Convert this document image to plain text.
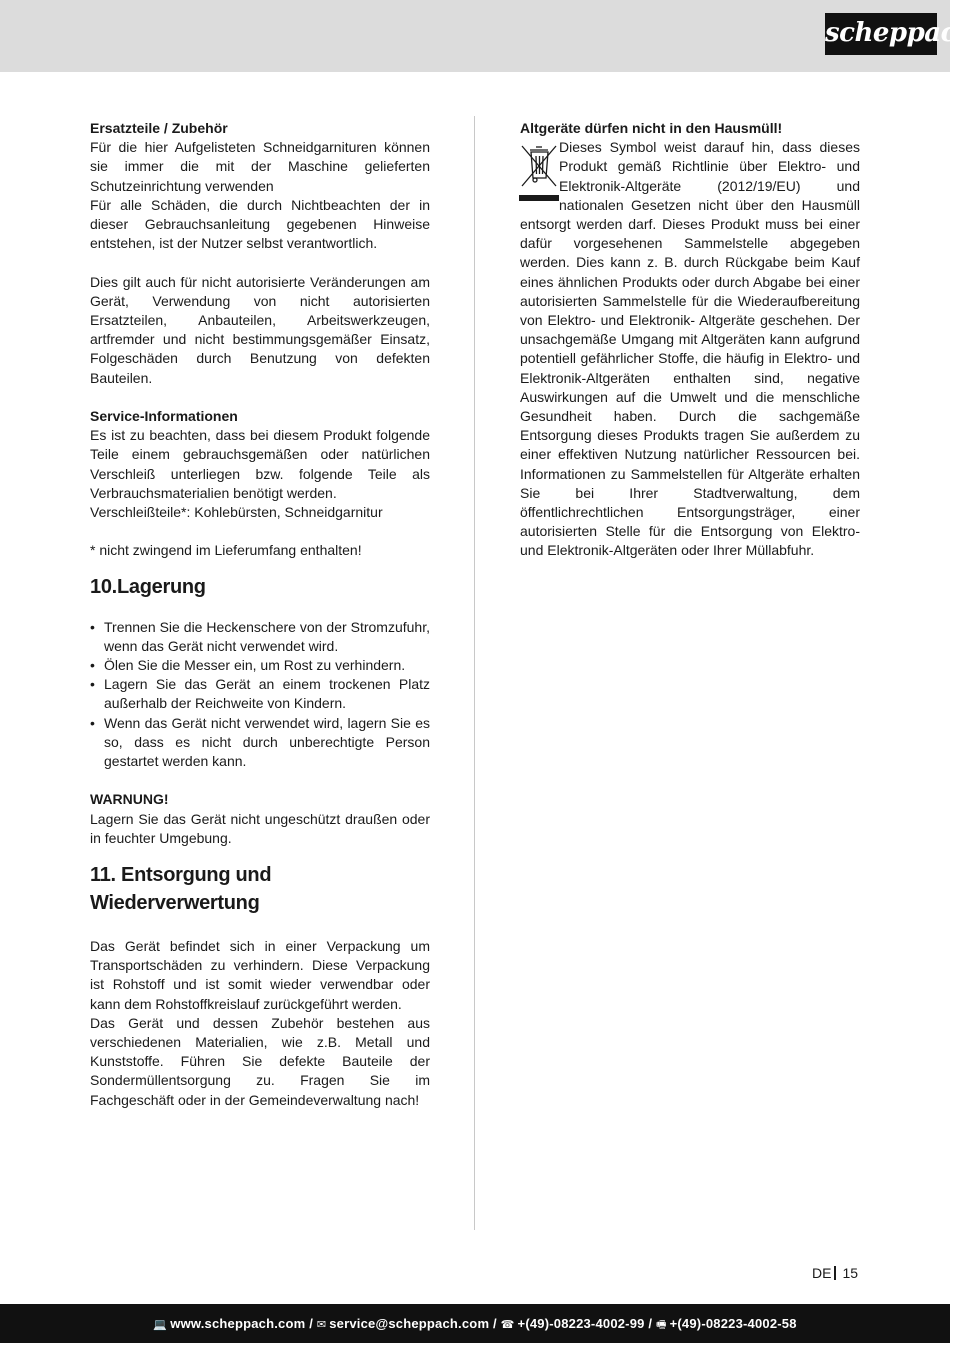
scheppach

Ersatzteile / Zubehör

Für die hier Aufgelisteten Schneidgarnituren können sie immer die mit der Maschine gelieferten Schutzeinrichtung verwenden

Für alle Schäden, die durch Nichtbeachten der in dieser Gebrauchsanleitung gegebenen Hinweise entstehen, ist der Nutzer selbst verantwortlich.

Dies gilt auch für nicht autorisierte Veränderungen am Gerät, Verwendung von nicht autorisierten Ersatzteilen, Anbauteilen, Arbeitswerkzeugen, artfremder und nicht bestimmungsgemäßer Einsatz, Folgeschäden durch Benutzung von defekten Bauteilen.

Service-Informationen

Es ist zu beachten, dass bei diesem Produkt folgende Teile einem gebrauchsgemäßen oder natürlichen Verschleiß unterliegen bzw. folgende Teile als Verbrauchsmaterialien benötigt werden.

Verschleißteile*: Kohlebürsten, Schneidgarnitur

* nicht zwingend im Lieferumfang enthalten!

10.Lagerung
• Trennen Sie die Heckenschere von der Stromzufuhr, wenn das Gerät nicht verwendet wird.
• Ölen Sie die Messer ein, um Rost zu verhindern.
• Lagern Sie das Gerät an einem trockenen Platz außerhalb der Reichweite von Kindern.
• Wenn das Gerät nicht verwendet wird, lagern Sie es so, dass es nicht durch unberechtigte Person gestartet werden kann.

WARNUNG!

Lagern Sie das Gerät nicht ungeschützt draußen oder in feuchter Umgebung.

11. Entsorgung und Wiederverwertung

Das Gerät befindet sich in einer Verpackung um Transportschäden zu verhindern. Diese Verpackung ist Rohstoff und ist somit wieder verwendbar oder kann dem Rohstoffkreislauf zurückgeführt werden.

Das Gerät und dessen Zubehör bestehen aus verschiedenen Materialien, wie z.B. Metall und Kunststoffe. Führen Sie defekte Bauteile der Sondermüllentsorgung zu. Fragen Sie im Fachgeschäft oder in der Gemeindeverwaltung nach!

Altgeräte dürfen nicht in den Hausmüll!

Dieses Symbol weist darauf hin, dass dieses Produkt gemäß Richtlinie über Elektro- und Elektronik-Altgeräte (2012/19/EU) und nationalen Gesetzen nicht über den Hausmüll entsorgt werden darf. Dieses Produkt muss bei einer dafür vorgesehenen Sammelstelle abgegeben werden. Dies kann z. B. durch Rückgabe beim Kauf eines ähnlichen Produkts oder durch Abgabe bei einer autorisierten Sammelstelle für die Wiederaufbereitung von Elektro- und Elektronik- Altgeräte geschehen. Der unsachgemäße Umgang mit Altgeräten kann aufgrund potentiell gefährlicher Stoffe, die häufig in Elektro- und Elektronik-Altgeräten enthalten sind, negative Auswirkungen auf die Umwelt und die menschliche Gesundheit haben. Durch die sachgemäße Entsorgung dieses Produkts tragen Sie außerdem zu einer effektiven Nutzung natürlicher Ressourcen bei. Informationen zu Sammelstellen für Altgeräte erhalten Sie bei Ihrer Stadtverwaltung, dem öffentlichrechtlichen Entsorgungsträger, einer autorisierten Stelle für die Entsorgung von Elektro- und Elektronik-Altgeräten oder Ihrer Müllabfuhr.

DE 15
💻 www.scheppach.com / ✉ service@scheppach.com / ☎ +(49)-08223-4002-99 / 🖷 +(49)-08223-4002-58
